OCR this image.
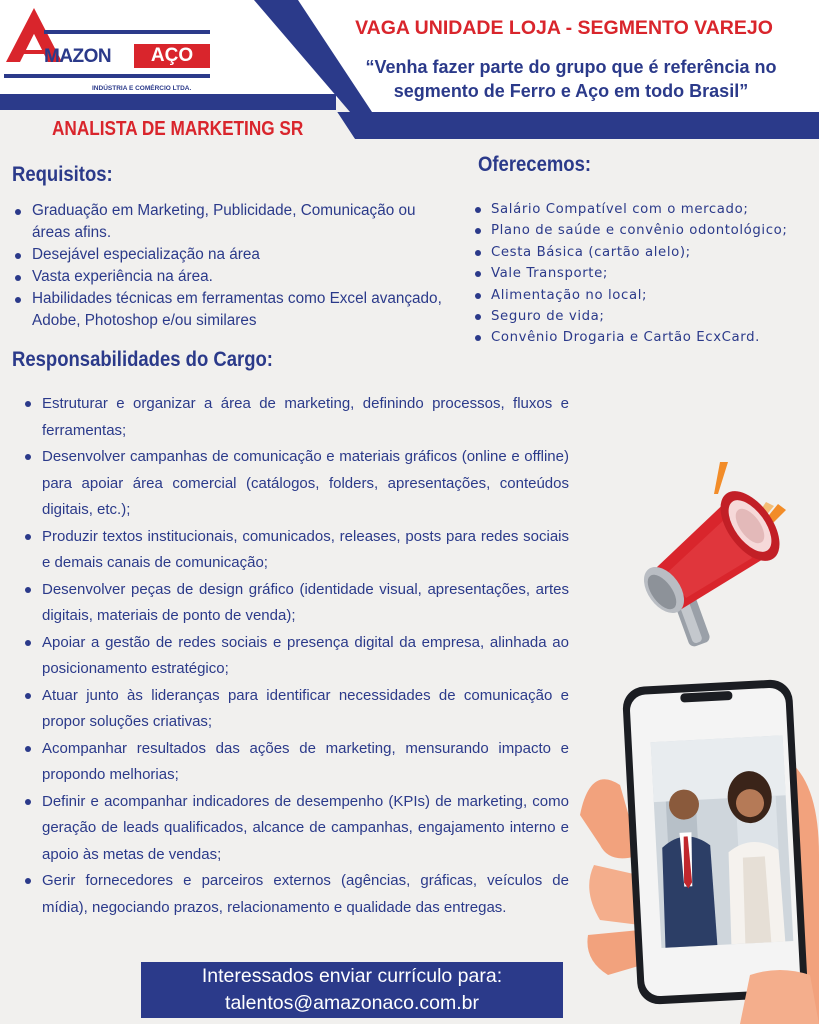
MAZON	AÇO
INDÚSTRIA E COMÉRCIO LTDA.
VAGA UNIDADE LOJA - SEGMENTO VAREJO
“Venha fazer parte do grupo que é referência no
segmento de Ferro e Aço em todo Brasil”
ANALISTA DE MARKETING SR
Requisitos:
Graduação em Marketing, Publicidade, Comunicação ou áreas afins.
Desejável especialização na área
Vasta experiência na área.
Habilidades técnicas em ferramentas como Excel avançado, Adobe, Photoshop e/ou similares
Oferecemos:
Salário Compatível com o mercado;
Plano de saúde e convênio odontológico;
Cesta Básica (cartão alelo);
Vale Transporte;
Alimentação no local;
Seguro de vida;
Convênio Drogaria e Cartão EcxCard.
Responsabilidades do Cargo:
Estruturar e organizar a área de marketing, definindo processos, fluxos e ferramentas;
Desenvolver campanhas de comunicação e materiais gráficos (online e offline) para apoiar área comercial (catálogos, folders, apresentações, conteúdos digitais, etc.);
Produzir textos institucionais, comunicados, releases, posts para redes sociais e demais canais de comunicação;
Desenvolver peças de design gráfico (identidade visual, apresentações, artes digitais, materiais de ponto de venda);
Apoiar a gestão de redes sociais e presença digital da empresa, alinhada ao posicionamento estratégico;
Atuar junto às lideranças para identificar necessidades de comunicação e propor soluções criativas;
Acompanhar resultados das ações de marketing, mensurando impacto e propondo melhorias;
Definir e acompanhar indicadores de desempenho (KPIs) de marketing, como geração de leads qualificados, alcance de campanhas, engajamento interno e apoio às metas de vendas;
Gerir fornecedores e parceiros externos (agências, gráficas, veículos de mídia), negociando prazos, relacionamento e qualidade das entregas.
Interessados enviar currículo para:
talentos@amazonaco.com.br
